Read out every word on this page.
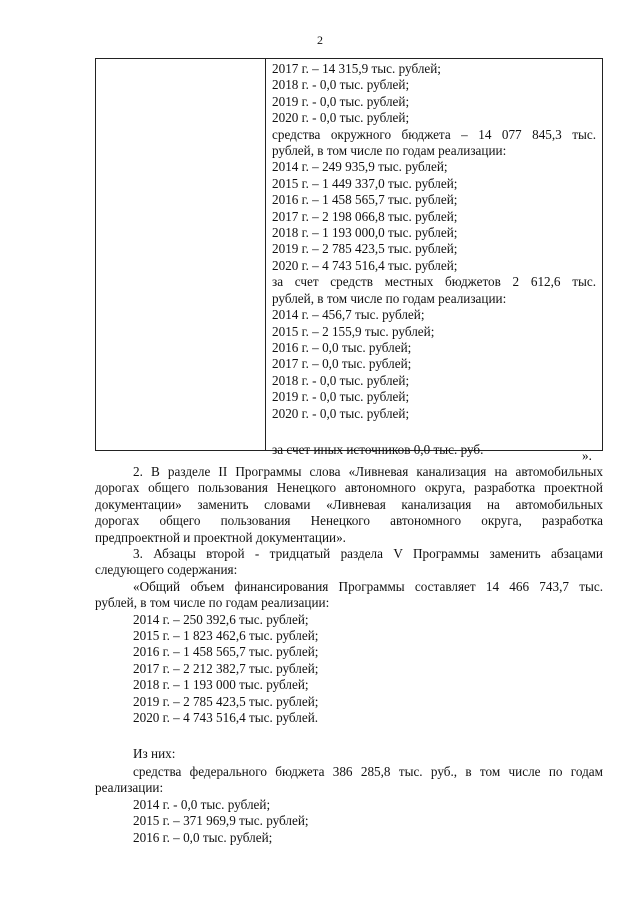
2
2017 г. – 14 315,9 тыс. рублей;
2018 г. - 0,0 тыс. рублей;
2019 г. - 0,0 тыс. рублей;
2020 г. - 0,0 тыс. рублей;
средства окружного бюджета – 14 077 845,3 тыс.
рублей, в том числе по годам реализации:
2014 г. – 249 935,9 тыс. рублей;
2015 г. – 1 449 337,0 тыс. рублей;
2016 г. – 1 458 565,7 тыс. рублей;
2017 г. – 2 198 066,8 тыс. рублей;
2018 г. – 1 193 000,0 тыс. рублей;
2019 г. – 2 785 423,5 тыс. рублей;
2020 г. – 4 743 516,4 тыс. рублей;
за счет средств местных бюджетов 2 612,6 тыс.
рублей, в том числе по годам реализации:
2014 г. – 456,7 тыс. рублей;
2015 г. – 2 155,9 тыс. рублей;
2016 г. – 0,0 тыс. рублей;
2017 г. – 0,0 тыс. рублей;
2018 г. - 0,0 тыс. рублей;
2019 г. - 0,0 тыс. рублей;
2020 г. - 0,0 тыс. рублей;
за счет иных источников 0,0 тыс. руб.	».
2. В разделе II Программы слова «Ливневая канализация на автомобильных
дорогах общего пользования Ненецкого автономного округа, разработка проектной
документации» заменить словами «Ливневая канализация на автомобильных
дорогах общего пользования Ненецкого автономного округа, разработка
предпроектной и проектной документации».
3. Абзацы второй - тридцатый раздела V Программы заменить абзацами
следующего содержания:
«Общий объем финансирования Программы составляет 14 466 743,7 тыс.
рублей, в том числе по годам реализации:
2014 г. – 250 392,6 тыс. рублей;
2015 г. – 1 823 462,6 тыс. рублей;
2016 г. – 1 458 565,7 тыс. рублей;
2017 г. – 2 212 382,7 тыс. рублей;
2018 г. – 1 193 000 тыс. рублей;
2019 г. – 2 785 423,5 тыс. рублей;
2020 г. – 4 743 516,4 тыс. рублей.
Из них:
средства федерального бюджета 386 285,8 тыс. руб., в том числе по годам
реализации:
2014 г. - 0,0 тыс. рублей;
2015 г. – 371 969,9 тыс. рублей;
2016 г. – 0,0 тыс. рублей;
